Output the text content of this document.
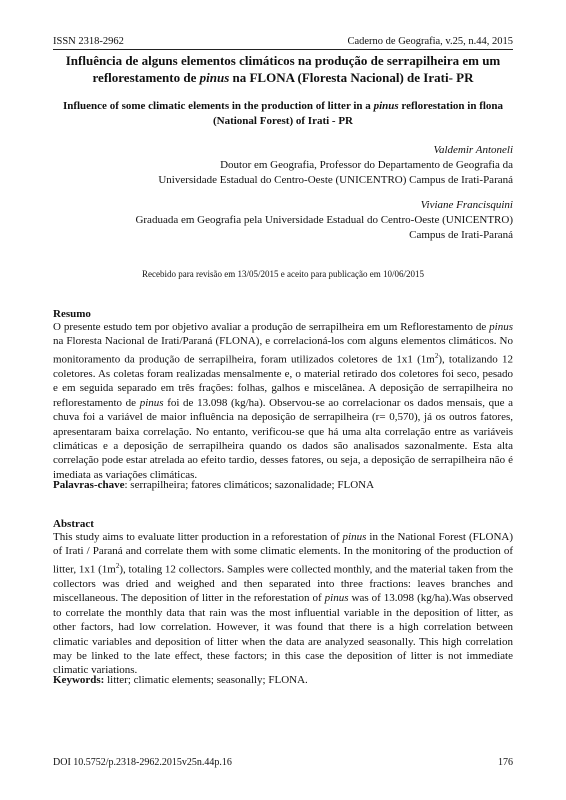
ISSN 2318-2962	Caderno de Geografia, v.25, n.44, 2015
Influência de alguns elementos climáticos na produção de serrapilheira em um reflorestamento de pinus na FLONA (Floresta Nacional) de Irati- PR
Influence of some climatic elements in the production of litter in a pinus reflorestation in flona (National Forest) of Irati - PR
Valdemir Antoneli
Doutor em Geografia, Professor do Departamento de Geografia da
Universidade Estadual do Centro-Oeste (UNICENTRO) Campus de Irati-Paraná
Viviane Francisquini
Graduada em Geografia pela Universidade Estadual do Centro-Oeste (UNICENTRO)
Campus de Irati-Paraná
Recebido para revisão em 13/05/2015 e aceito para publicação em 10/06/2015
Resumo
O presente estudo tem por objetivo avaliar a produção de serrapilheira em um Reflorestamento de pinus na Floresta Nacional de Irati/Paraná (FLONA), e correlacioná-los com alguns elementos climáticos. No monitoramento da produção de serrapilheira, foram utilizados coletores de 1x1 $(1m^2)$, totalizando 12 coletores. As coletas foram realizadas mensalmente e, o material retirado dos coletores foi seco, pesado e em seguida separado em três frações: folhas, galhos e miscelânea. A deposição de serrapilheira no reflorestamento de pinus foi de 13.098 (kg/ha). Observou-se ao correlacionar os dados mensais, que a chuva foi a variável de maior influência na deposição de serrapilheira (r= 0,570), já os outros fatores, apresentaram baixa correlação. No entanto, verificou-se que há uma alta correlação entre as variáveis climáticas e a deposição de serrapilheira quando os dados são analisados sazonalmente. Esta alta correlação pode estar atrelada ao efeito tardio, desses fatores, ou seja, a deposição de serrapilheira não é imediata as variações climáticas.
Palavras-chave: serrapilheira; fatores climáticos; sazonalidade; FLONA
Abstract
This study aims to evaluate litter production in a reforestation of pinus in the National Forest (FLONA) of Irati / Paraná and correlate them with some climatic elements. In the monitoring of the production of litter, 1x1 $(1m^2)$, totaling 12 collectors. Samples were collected monthly, and the material taken from the collectors was dried and weighed and then separated into three fractions: leaves branches and miscellaneous. The deposition of litter in the reforestation of pinus was of 13.098 (kg/ha).Was observed to correlate the monthly data that rain was the most influential variable in the deposition of litter, as other factors, had low correlation. However, it was found that there is a high correlation between climatic variables and deposition of litter when the data are analyzed seasonally. This high correlation may be linked to the late effect, these factors; in this case the deposition of litter is not immediate climatic variations.
Keywords: litter; climatic elements; seasonally; FLONA.
DOI 10.5752/p.2318-2962.2015v25n.44p.16	176
